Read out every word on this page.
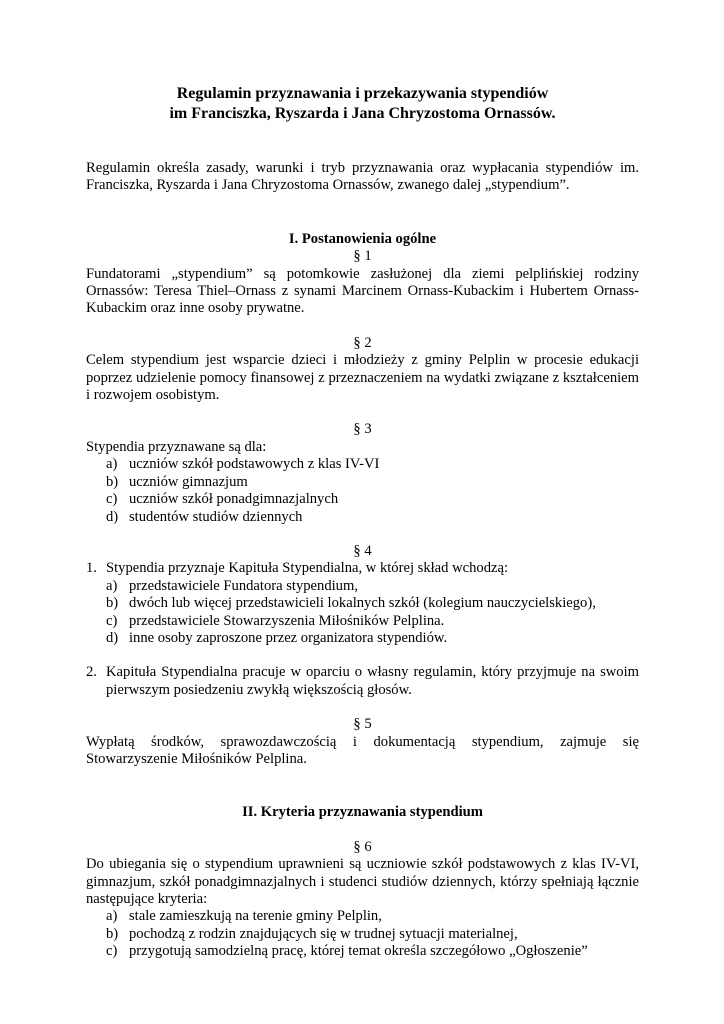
Regulamin przyznawania i przekazywania stypendiów

im Franciszka, Ryszarda i Jana Chryzostoma Ornassów.

Regulamin określa zasady, warunki i tryb przyznawania oraz wypłacania stypendiów im. Franciszka, Ryszarda i Jana Chryzostoma Ornassów, zwanego dalej „stypendium”.

I. Postanowienia ogólne

§ 1

Fundatorami „stypendium” są potomkowie zasłużonej dla ziemi pelplińskiej rodziny Ornassów: Teresa Thiel–Ornass z synami Marcinem Ornass-Kubackim i Hubertem Ornass-Kubackim oraz inne osoby prywatne.

§ 2

Celem stypendium jest wsparcie dzieci i młodzieży z gminy Pelplin w procesie edukacji poprzez udzielenie pomocy finansowej z przeznaczeniem na wydatki związane z kształceniem i rozwojem osobistym.

§ 3

Stypendia przyznawane są dla:

a) uczniów szkół podstawowych z klas IV-VI
b) uczniów gimnazjum
c) uczniów szkół ponadgimnazjalnych
d) studentów studiów dziennych

§ 4

1. Stypendia przyznaje Kapituła Stypendialna, w której skład wchodzą:

a) przedstawiciele Fundatora stypendium,
b) dwóch lub więcej przedstawicieli lokalnych szkół (kolegium nauczycielskiego),
c) przedstawiciele Stowarzyszenia Miłośników Pelplina.
d) inne osoby zaproszone przez organizatora stypendiów.
2. Kapituła Stypendialna pracuje w oparciu o własny regulamin, który przyjmuje na swoim pierwszym posiedzeniu zwykłą większością głosów.

§ 5

Wypłatą środków, sprawozdawczością i dokumentacją stypendium, zajmuje się Stowarzyszenie Miłośników Pelplina.

II. Kryteria przyznawania stypendium

§ 6

Do ubiegania się o stypendium uprawnieni są uczniowie szkół podstawowych z klas IV-VI, gimnazjum, szkół ponadgimnazjalnych i studenci studiów dziennych, którzy spełniają łącznie następujące kryteria:

a) stale zamieszkują na terenie gminy Pelplin,
b) pochodzą z rodzin znajdujących się w trudnej sytuacji materialnej,
c) przygotują samodzielną pracę, której temat określa szczegółowo „Ogłoszenie”
